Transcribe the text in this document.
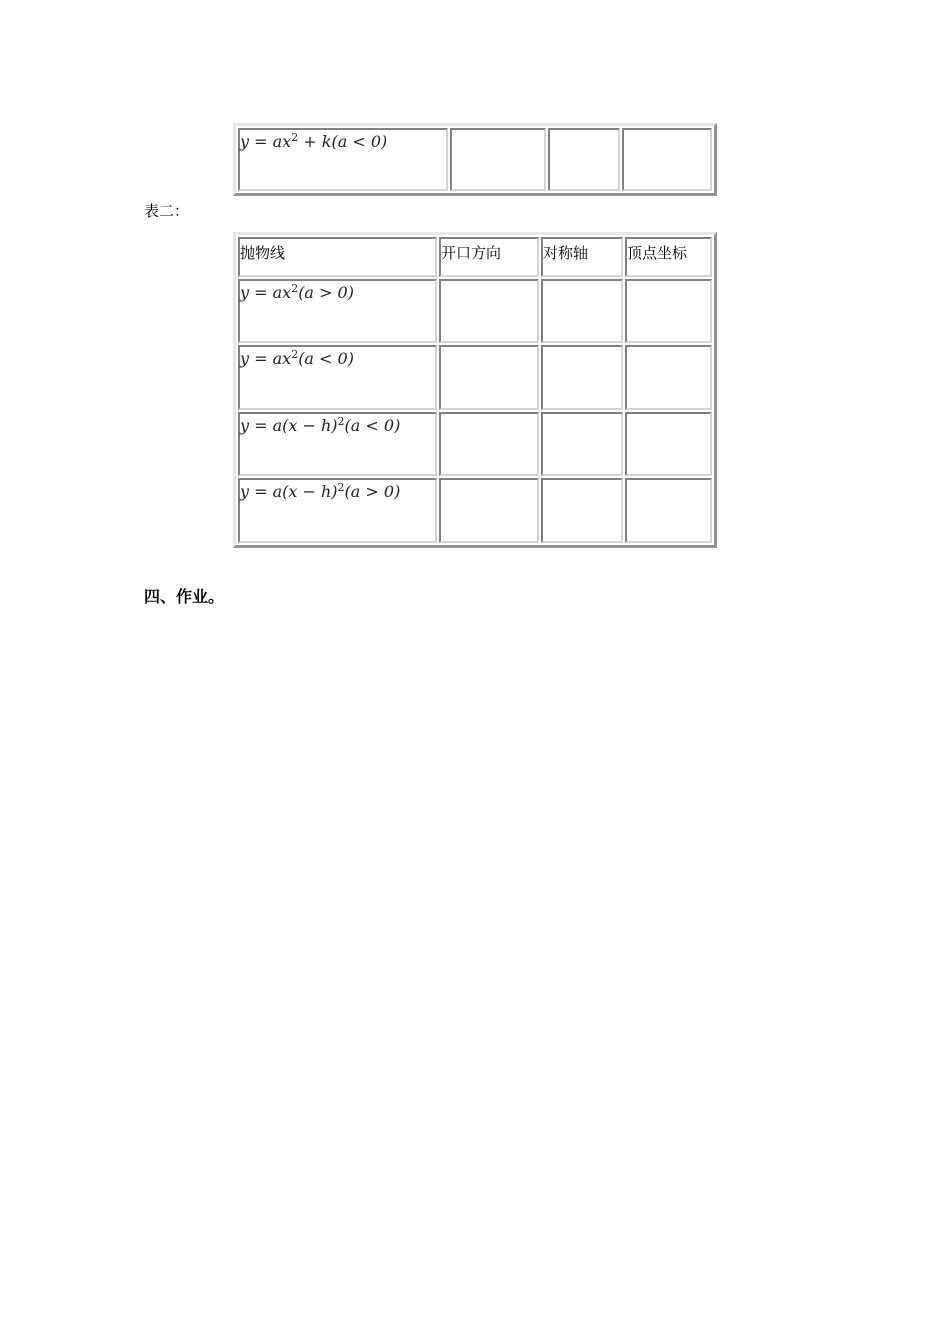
$y = ax^2 + k(a < 0)$			
表二：
抛物线	开口方向	对称轴	顶点坐标
$y = ax^2(a > 0)$			
$y = ax^2(a < 0)$			
$y = a(x - h)^2(a < 0)$			
$y = a(x - h)^2(a > 0)$			
四、作业。
